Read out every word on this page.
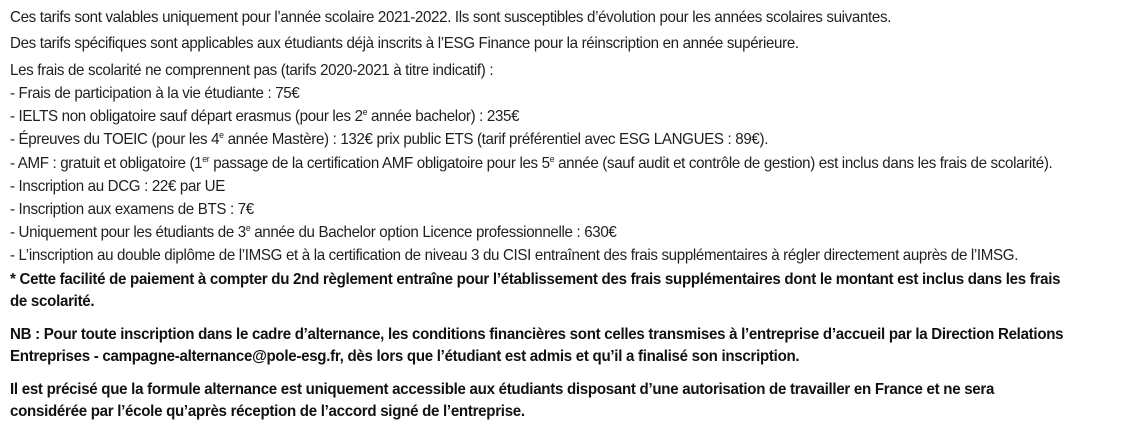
Ces tarifs sont valables uniquement pour l’année scolaire 2021-2022. Ils sont susceptibles d’évolution pour les années scolaires suivantes.

Des tarifs spécifiques sont applicables aux étudiants déjà inscrits à l’ESG Finance pour la réinscription en année supérieure.

Les frais de scolarité ne comprennent pas (tarifs 2020-2021 à titre indicatif) :

- Frais de participation à la vie étudiante : 75€
- IELTS non obligatoire sauf départ erasmus (pour les 2e année bachelor) : 235€
- Épreuves du TOEIC (pour les 4e année Mastère) : 132€ prix public ETS (tarif préférentiel avec ESG LANGUES : 89€).
- AMF : gratuit et obligatoire (1er passage de la certification AMF obligatoire pour les 5e année (sauf audit et contrôle de gestion) est inclus dans les frais de scolarité).
- Inscription au DCG : 22€ par UE
- Inscription aux examens de BTS : 7€
- Uniquement pour les étudiants de 3e année du Bachelor option Licence professionnelle : 630€
- L’inscription au double diplôme de l’IMSG et à la certification de niveau 3 du CISI entraînent des frais supplémentaires à régler directement auprès de l’IMSG.

* Cette facilité de paiement à compter du 2nd règlement entraîne pour l’établissement des frais supplémentaires dont le montant est inclus dans les frais

de scolarité.

NB : Pour toute inscription dans le cadre d’alternance, les conditions financières sont celles transmises à l’entreprise d’accueil par la Direction Relations

Entreprises - campagne-alternance@pole-esg.fr, dès lors que l’étudiant est admis et qu’il a finalisé son inscription.

Il est précisé que la formule alternance est uniquement accessible aux étudiants disposant d’une autorisation de travailler en France et ne sera

considérée par l’école qu’après réception de l’accord signé de l’entreprise.
